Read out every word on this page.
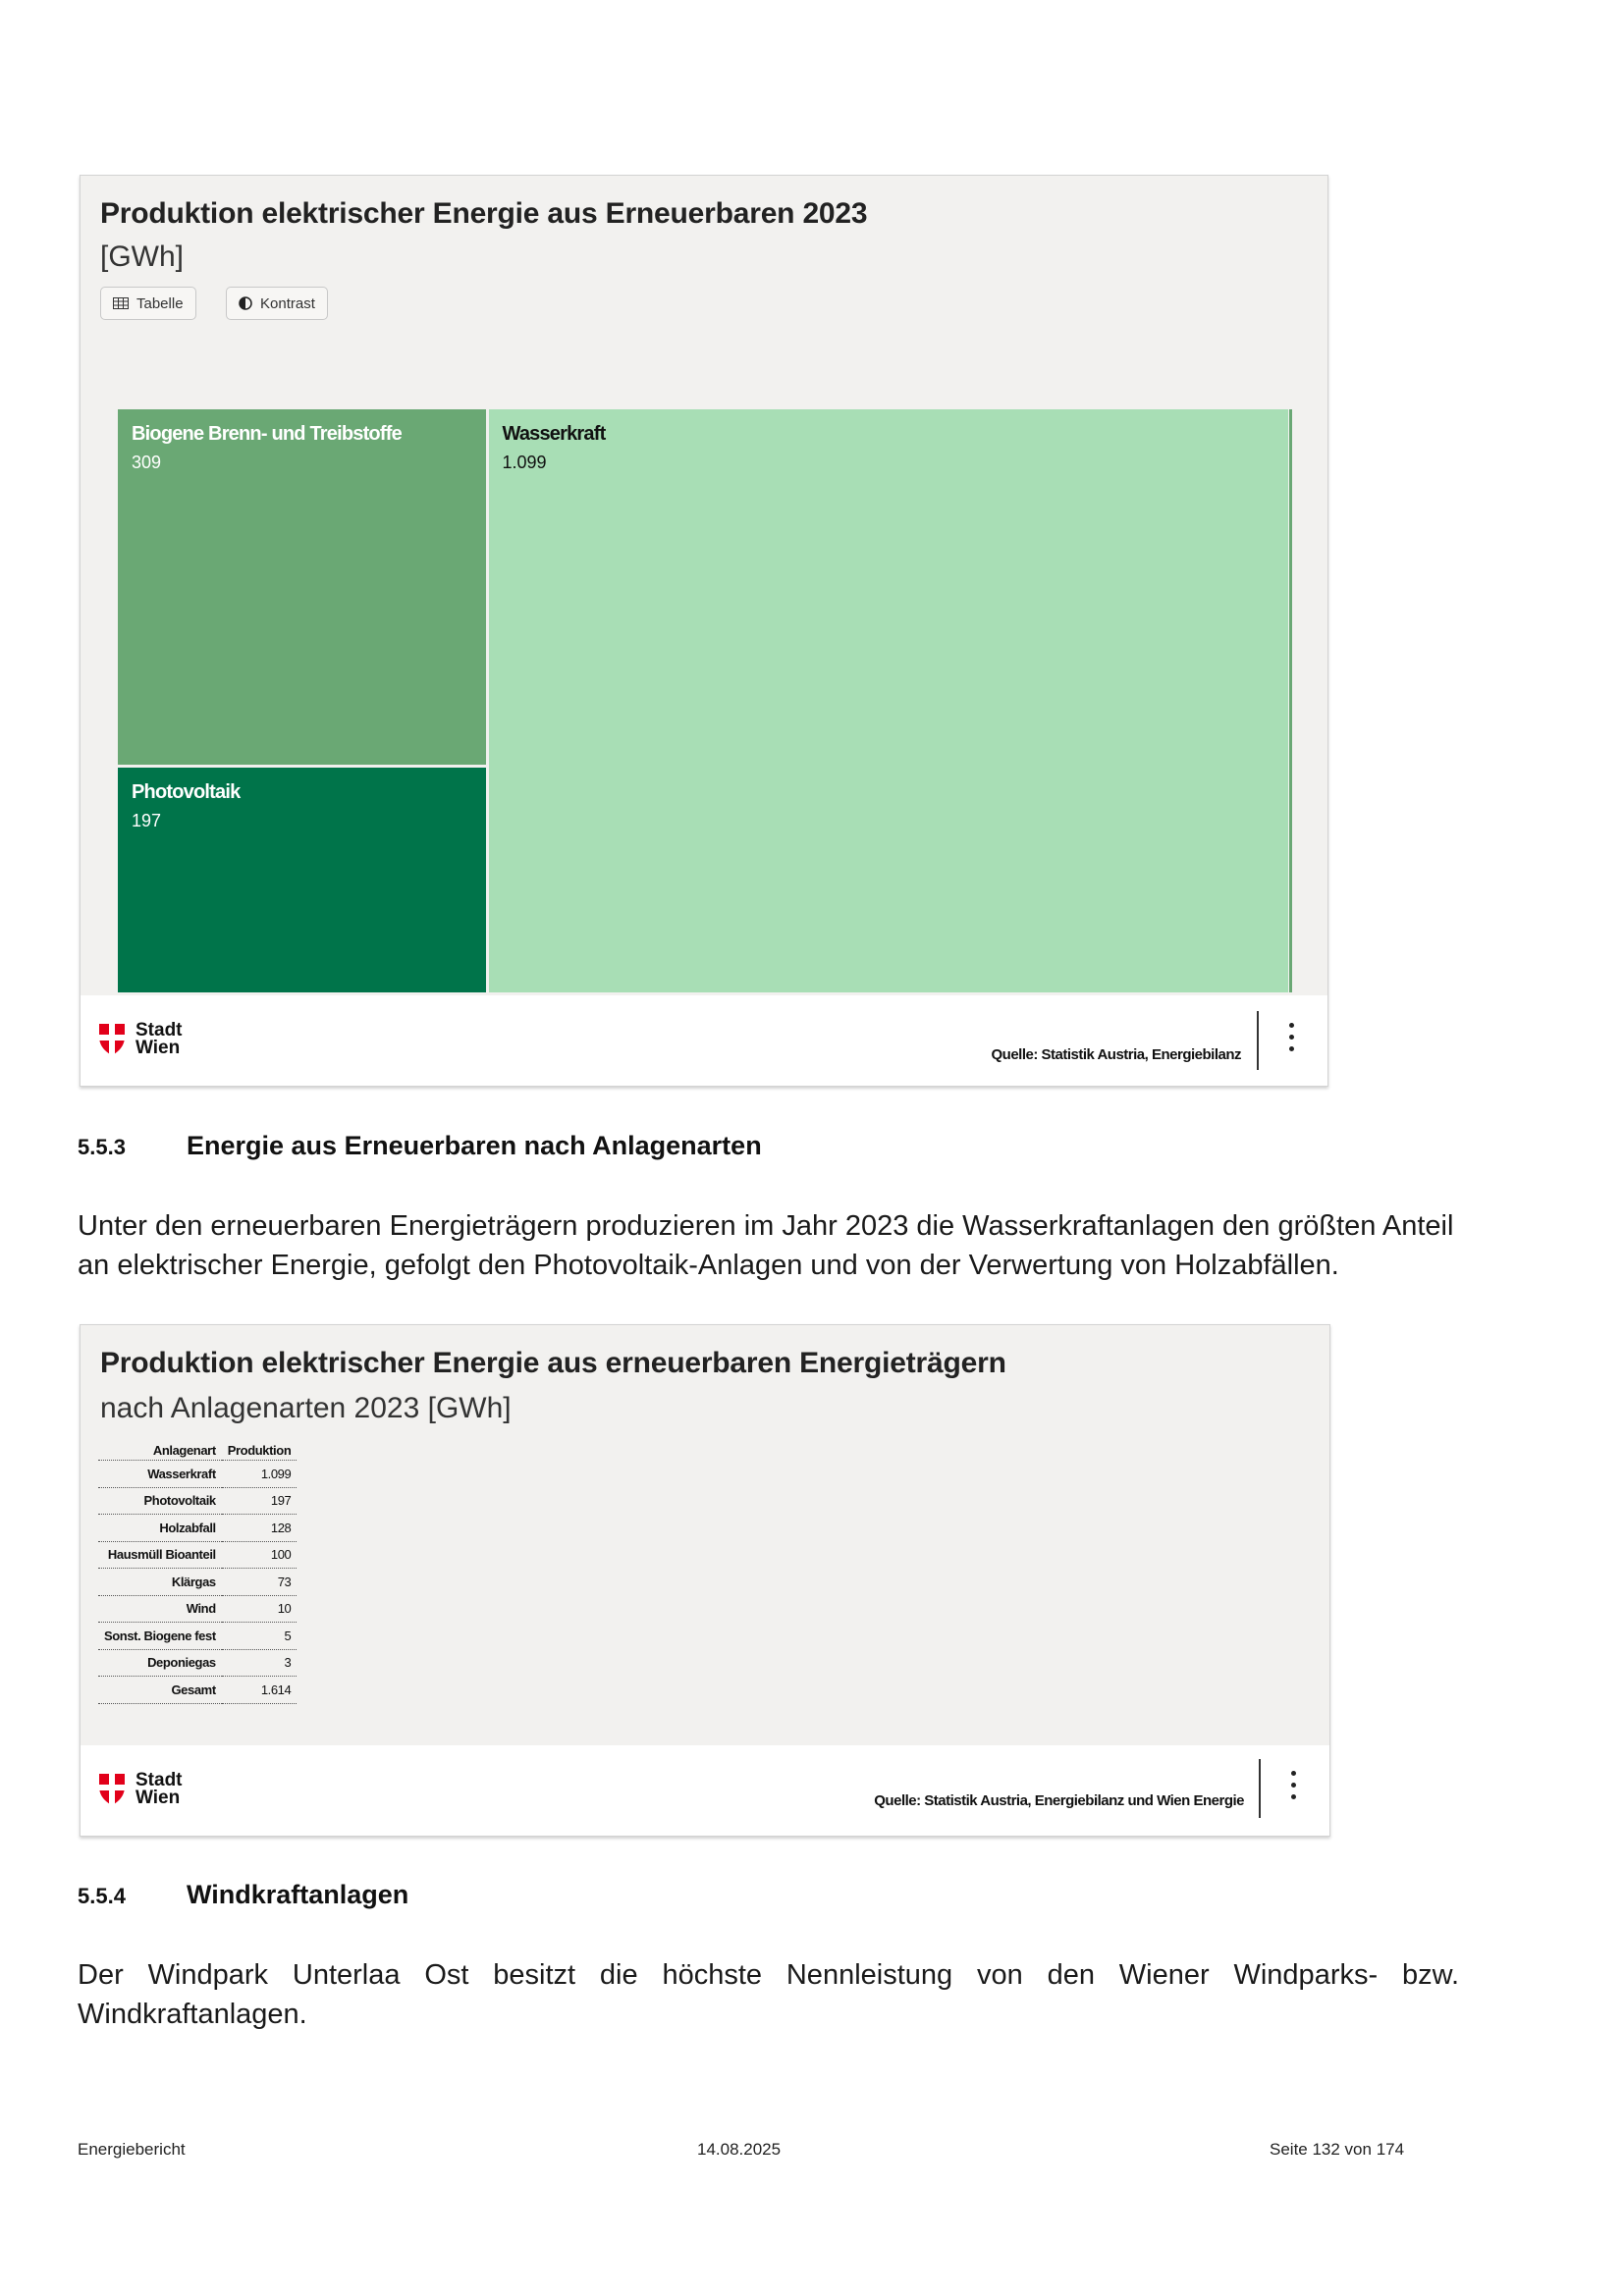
Produktion elektrischer Energie aus Erneuerbaren 2023
[GWh]
Tabelle	Kontrast
Biogene Brenn- und Treibstoffe
309
Photovoltaik
197
Wasserkraft
1.099
Stadt
Wien	Quelle: Statistik Austria, Energiebilanz
5.5.3 Energie aus Erneuerbaren nach Anlagenarten
Unter den erneuerbaren Energieträgern produzieren im Jahr 2023 die Wasserkraftanlagen den größten Anteil an elektrischer Energie, gefolgt den Photovoltaik-Anlagen und von der Verwertung von Holzabfällen.
Produktion elektrischer Energie aus erneuerbaren Energieträgern
nach Anlagenarten 2023 [GWh]
Anlagenart	Produktion
Wasserkraft	1.099
Photovoltaik	197
Holzabfall	128
Hausmüll Bioanteil	100
Klärgas	73
Wind	10
Sonst. Biogene fest	5
Deponiegas	3
Gesamt	1.614
Stadt
Wien	Quelle: Statistik Austria, Energiebilanz und Wien Energie
5.5.4 Windkraftanlagen
Der Windpark Unterlaa Ost besitzt die höchste Nennleistung von den Wiener Windparks- bzw. Windkraftanlagen.
Energiebericht	14.08.2025	Seite 132 von 174
